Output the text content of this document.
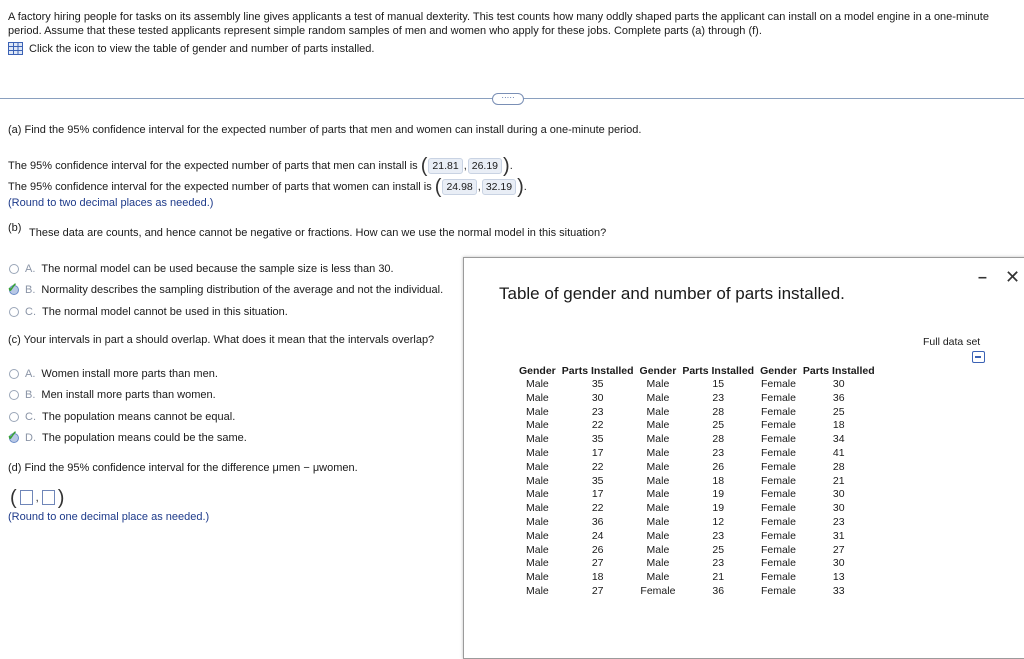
A factory hiring people for tasks on its assembly line gives applicants a test of manual dexterity. This test counts how many oddly shaped parts the applicant can install on a model engine in a one-minute period. Assume that these tested applicants represent simple random samples of men and women who apply for these jobs. Complete parts (a) through (f).
Click the icon to view the table of gender and number of parts installed.
·····
(a) Find the 95% confidence interval for the expected number of parts that men and women can install during a one-minute period.
The 95% confidence interval for the expected number of parts that men can install is ( 21.81 , 26.19 ).
The 95% confidence interval for the expected number of parts that women can install is ( 24.98 , 32.19 ).
(Round to two decimal places as needed.)
(b) These data are counts, and hence cannot be negative or fractions. How can we use the normal model in this situation?
A. The normal model can be used because the sample size is less than 30.
✓ B. Normality describes the sampling distribution of the average and not the individual.
C. The normal model cannot be used in this situation.
(c) Your intervals in part a should overlap. What does it mean that the intervals overlap?
A. Women install more parts than men.
B. Men install more parts than women.
C. The population means cannot be equal.
✓ D. The population means could be the same.
(d) Find the 95% confidence interval for the difference μmen − μwomen.
( , )
(Round to one decimal place as needed.)
Table of gender and number of parts installed.
– ✕
Full data set
Gender	Parts Installed	Gender	Parts Installed	Gender	Parts Installed
Male	35	Male	15	Female	30
Male	30	Male	23	Female	36
Male	23	Male	28	Female	25
Male	22	Male	25	Female	18
Male	35	Male	28	Female	34
Male	17	Male	23	Female	41
Male	22	Male	26	Female	28
Male	35	Male	18	Female	21
Male	17	Male	19	Female	30
Male	22	Male	19	Female	30
Male	36	Male	12	Female	23
Male	24	Male	23	Female	31
Male	26	Male	25	Female	27
Male	27	Male	23	Female	30
Male	18	Male	21	Female	13
Male	27	Female	36	Female	33
